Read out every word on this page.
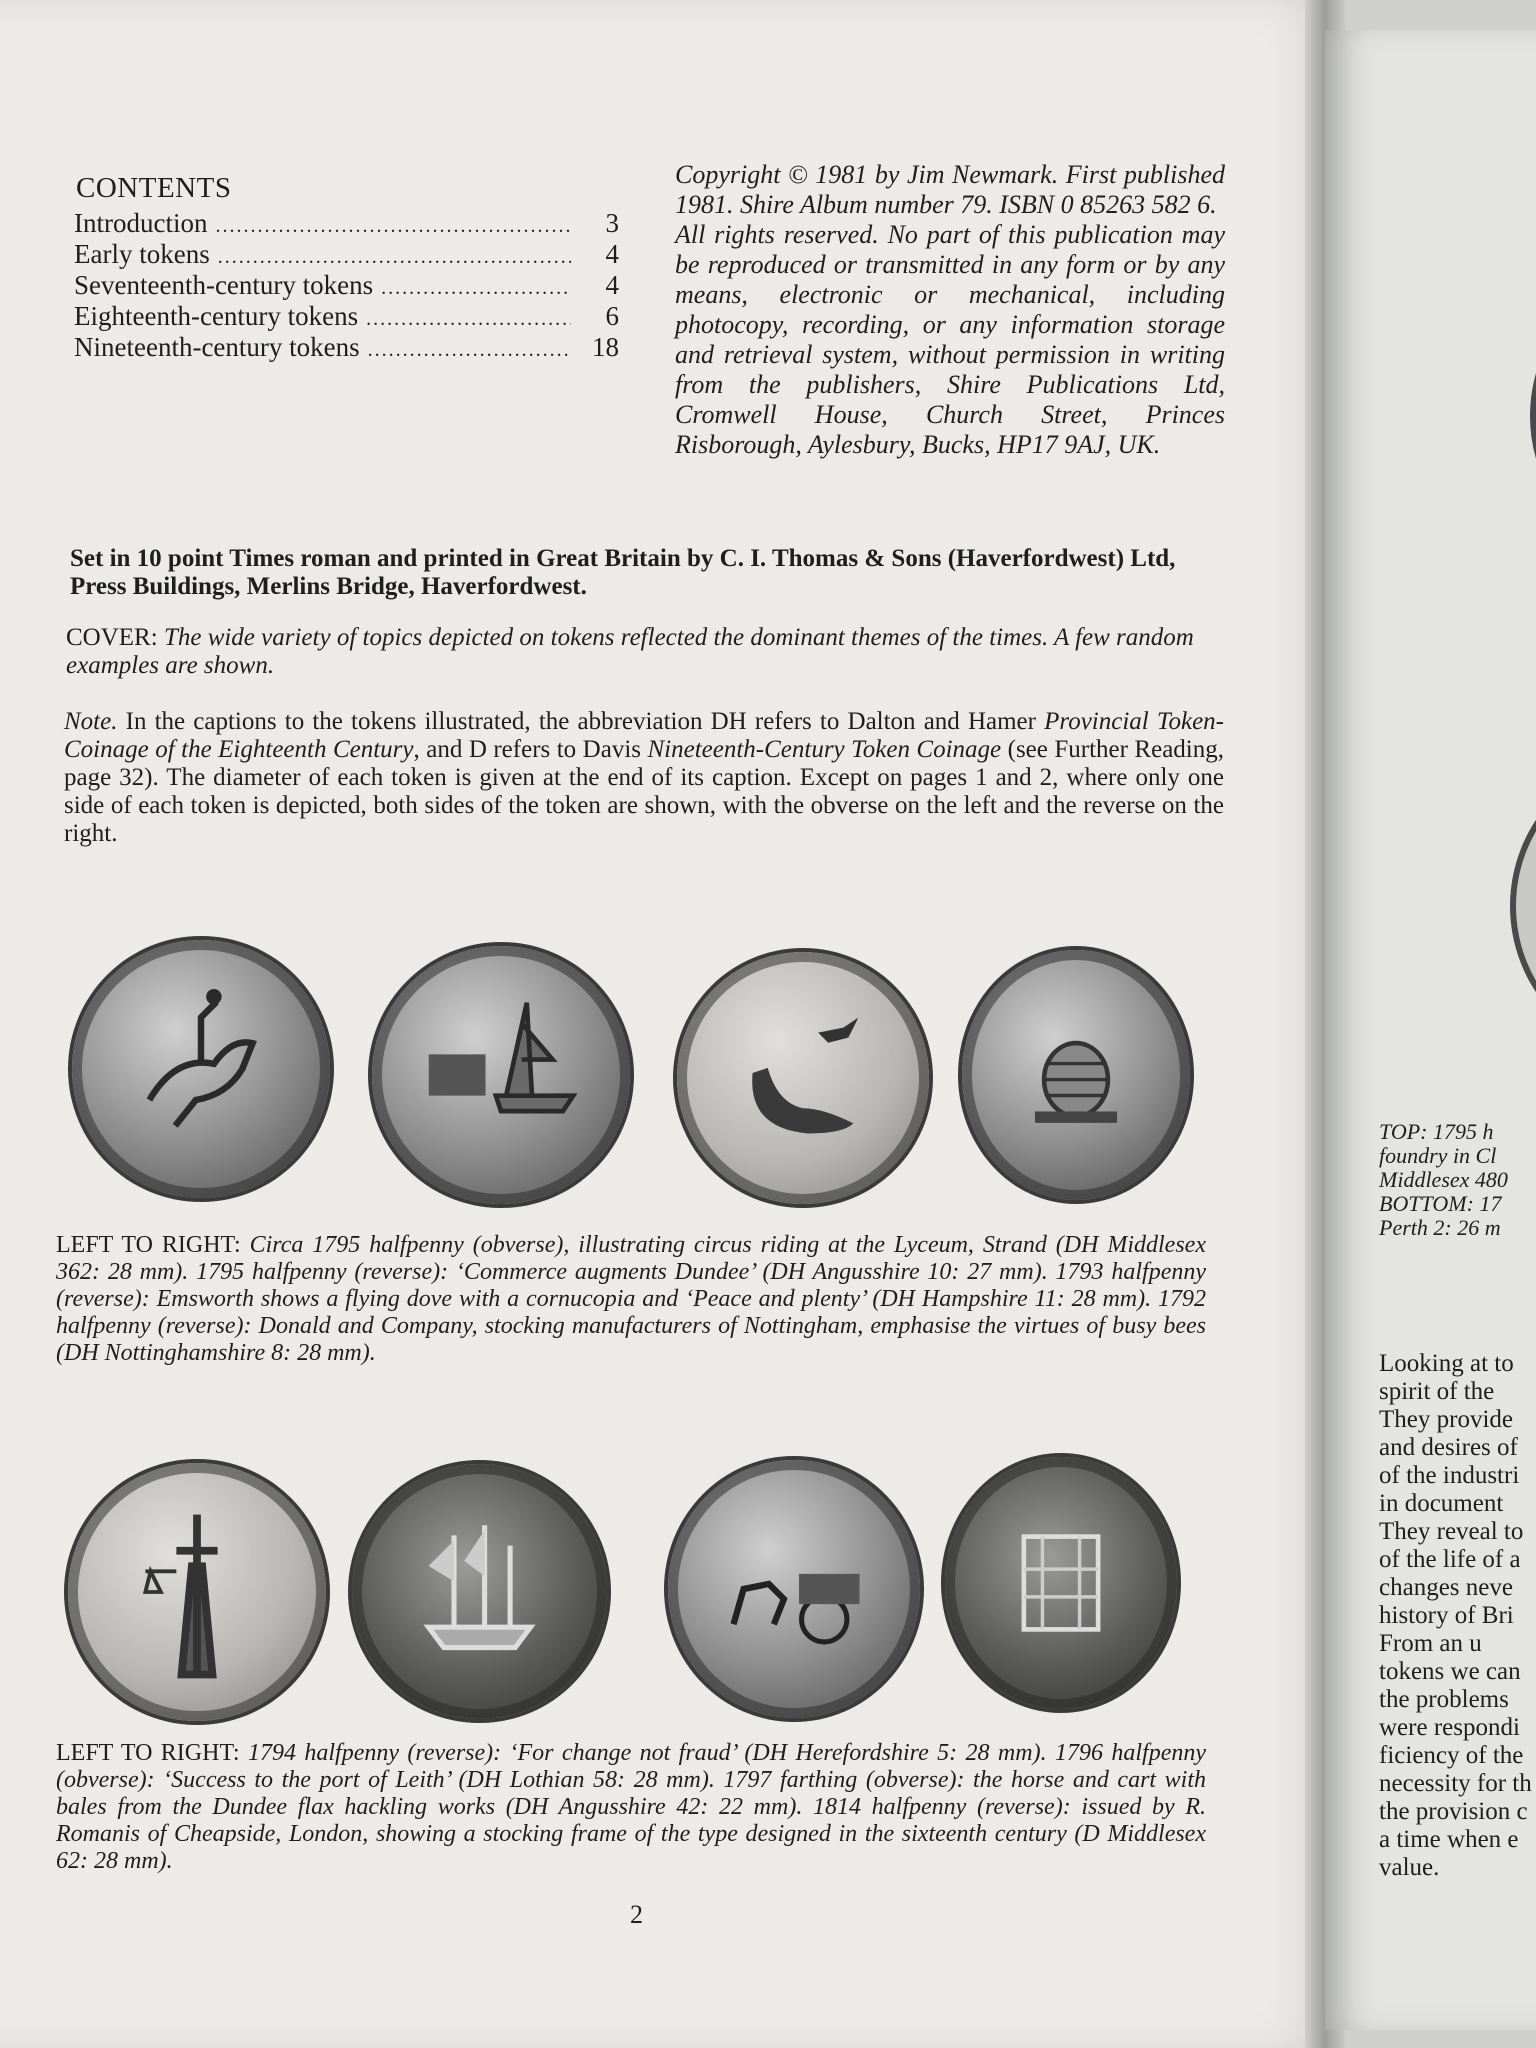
TOP: 1795 h
foundry in Cl
Middlesex 480
BOTTOM: 17
Perth 2: 26 m
Looking at to
spirit of the
They provide
and desires of
of the industri
in document
They reveal to
of the life of a
changes neve
history of Bri
From an u
tokens we can
the problems
were respondi
ficiency of the
necessity for th
the provision c
a time when e
value.
CONTENTS
Introduction .....	3
Early tokens .....	4
Seventeenth-century tokens .....	4
Eighteenth-century tokens .....	6
Nineteenth-century tokens .....	18

Copyright © 1981 by Jim Newmark. First published 1981. Shire Album number 79. ISBN 0 85263 582 6.

All rights reserved. No part of this publication may be reproduced or transmitted in any form or by any means, electronic or mechanical, including photocopy, recording, or any information storage and retrieval system, without permission in writing from the publishers, Shire Publications Ltd, Cromwell House, Church Street, Princes Risborough, Aylesbury, Bucks, HP17 9AJ, UK.

Set in 10 point Times roman and printed in Great Britain by C. I. Thomas & Sons (Haverfordwest) Ltd, Press Buildings, Merlins Bridge, Haverfordwest.
COVER: The wide variety of topics depicted on tokens reflected the dominant themes of the times. A few random examples are shown.
Note. In the captions to the tokens illustrated, the abbreviation DH refers to Dalton and Hamer Provincial Token-Coinage of the Eighteenth Century, and D refers to Davis Nineteenth-Century Token Coinage (see Further Reading, page 32). The diameter of each token is given at the end of its caption. Except on pages 1 and 2, where only one side of each token is depicted, both sides of the token are shown, with the obverse on the left and the reverse on the right.
LEFT TO RIGHT: Circa 1795 halfpenny (obverse), illustrating circus riding at the Lyceum, Strand (DH Middlesex 362: 28 mm). 1795 halfpenny (reverse): ‘Commerce augments Dundee’ (DH Angusshire 10: 27 mm). 1793 halfpenny (reverse): Emsworth shows a flying dove with a cornucopia and ‘Peace and plenty’ (DH Hampshire 11: 28 mm). 1792 halfpenny (reverse): Donald and Company, stocking manufacturers of Nottingham, emphasise the virtues of busy bees (DH Nottinghamshire 8: 28 mm).
LEFT TO RIGHT: 1794 halfpenny (reverse): ‘For change not fraud’ (DH Herefordshire 5: 28 mm). 1796 halfpenny (obverse): ‘Success to the port of Leith’ (DH Lothian 58: 28 mm). 1797 farthing (obverse): the horse and cart with bales from the Dundee flax hackling works (DH Angusshire 42: 22 mm). 1814 halfpenny (reverse): issued by R. Romanis of Cheapside, London, showing a stocking frame of the type designed in the sixteenth century (D Middlesex 62: 28 mm).
2
